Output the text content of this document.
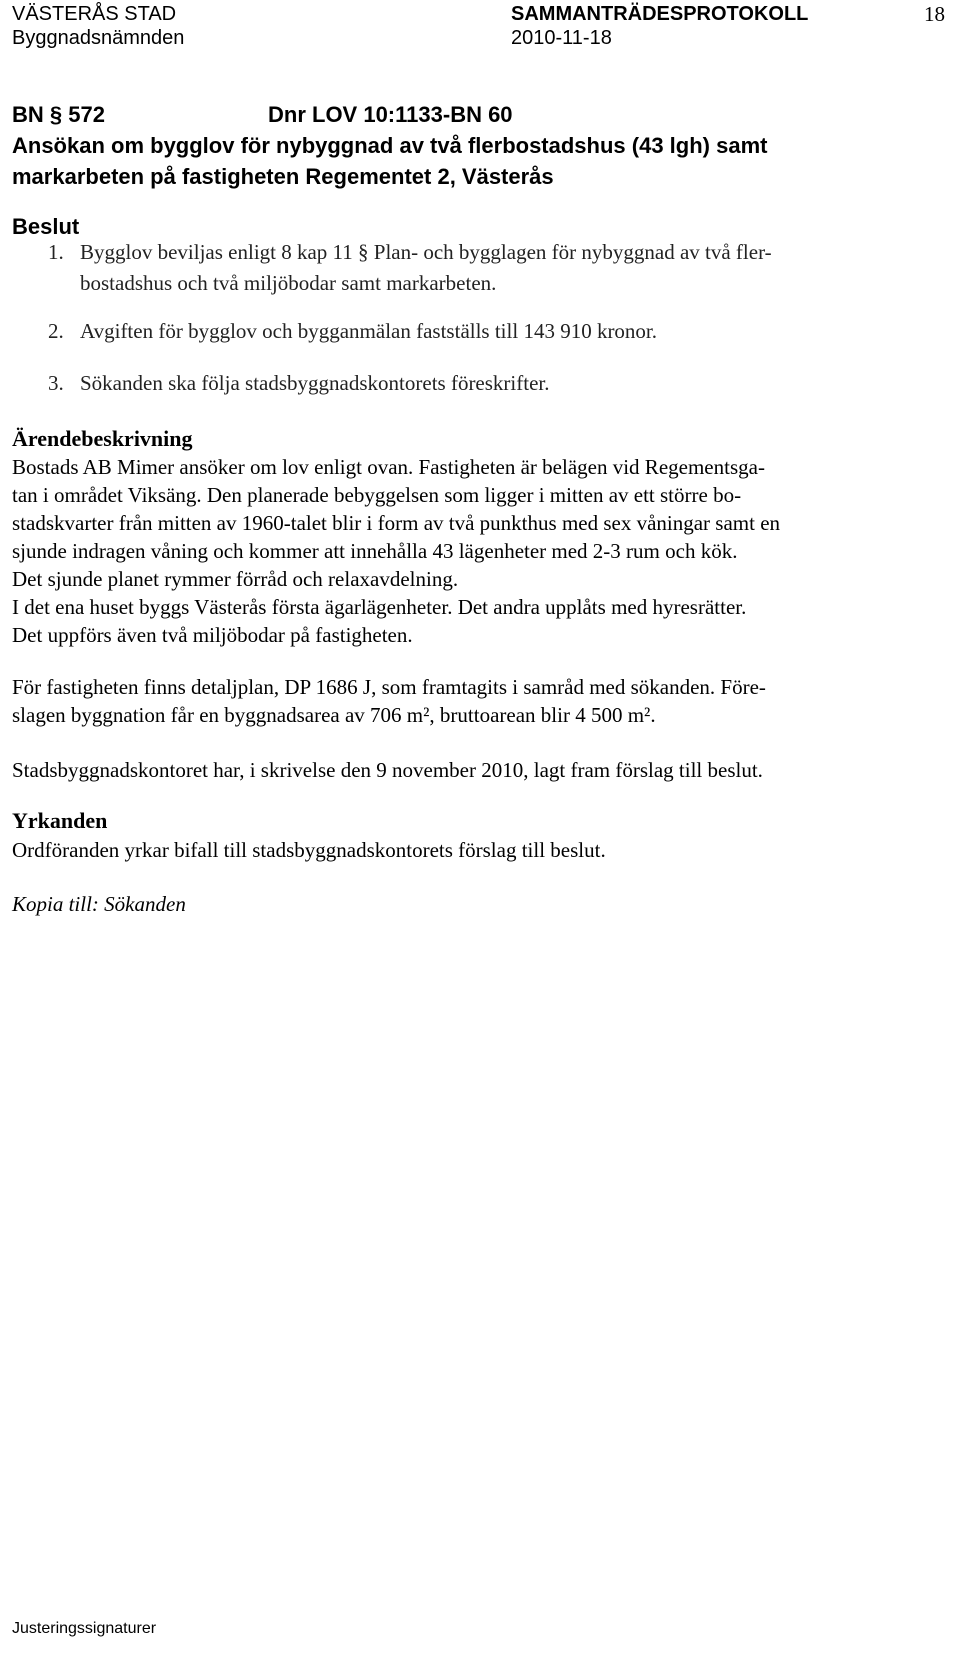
VÄSTERÅS STAD	SAMMANTRÄDESPROTOKOLL	18
Byggnadsnämnden	2010-11-18
BN § 572	Dnr LOV 10:1133-BN 60
Ansökan om bygglov för nybyggnad av två flerbostadshus (43 lgh) samt
markarbeten på fastigheten Regementet 2, Västerås
Beslut
1. Bygglov beviljas enligt 8 kap 11 § Plan- och bygglagen för nybyggnad av två fler-
bostadshus och två miljöbodar samt markarbeten.
2. Avgiften för bygglov och bygganmälan fastställs till 143 910 kronor.
3. Sökanden ska följa stadsbyggnadskontorets föreskrifter.
Ärendebeskrivning
Bostads AB Mimer ansöker om lov enligt ovan. Fastigheten är belägen vid Regementsga-
tan i området Viksäng. Den planerade bebyggelsen som ligger i mitten av ett större bo-
stadskvarter från mitten av 1960-talet blir i form av två punkthus med sex våningar samt en
sjunde indragen våning och kommer att innehålla 43 lägenheter med 2-3 rum och kök.
Det sjunde planet rymmer förråd och relaxavdelning.
I det ena huset byggs Västerås första ägarlägenheter. Det andra upplåts med hyresrätter.
Det uppförs även två miljöbodar på fastigheten.
För fastigheten finns detaljplan, DP 1686 J, som framtagits i samråd med sökanden. Före-
slagen byggnation får en byggnadsarea av 706 m², bruttoarean blir 4 500 m².
Stadsbyggnadskontoret har, i skrivelse den 9 november 2010, lagt fram förslag till beslut.
Yrkanden
Ordföranden yrkar bifall till stadsbyggnadskontorets förslag till beslut.
Kopia till: Sökanden
Justeringssignaturer
